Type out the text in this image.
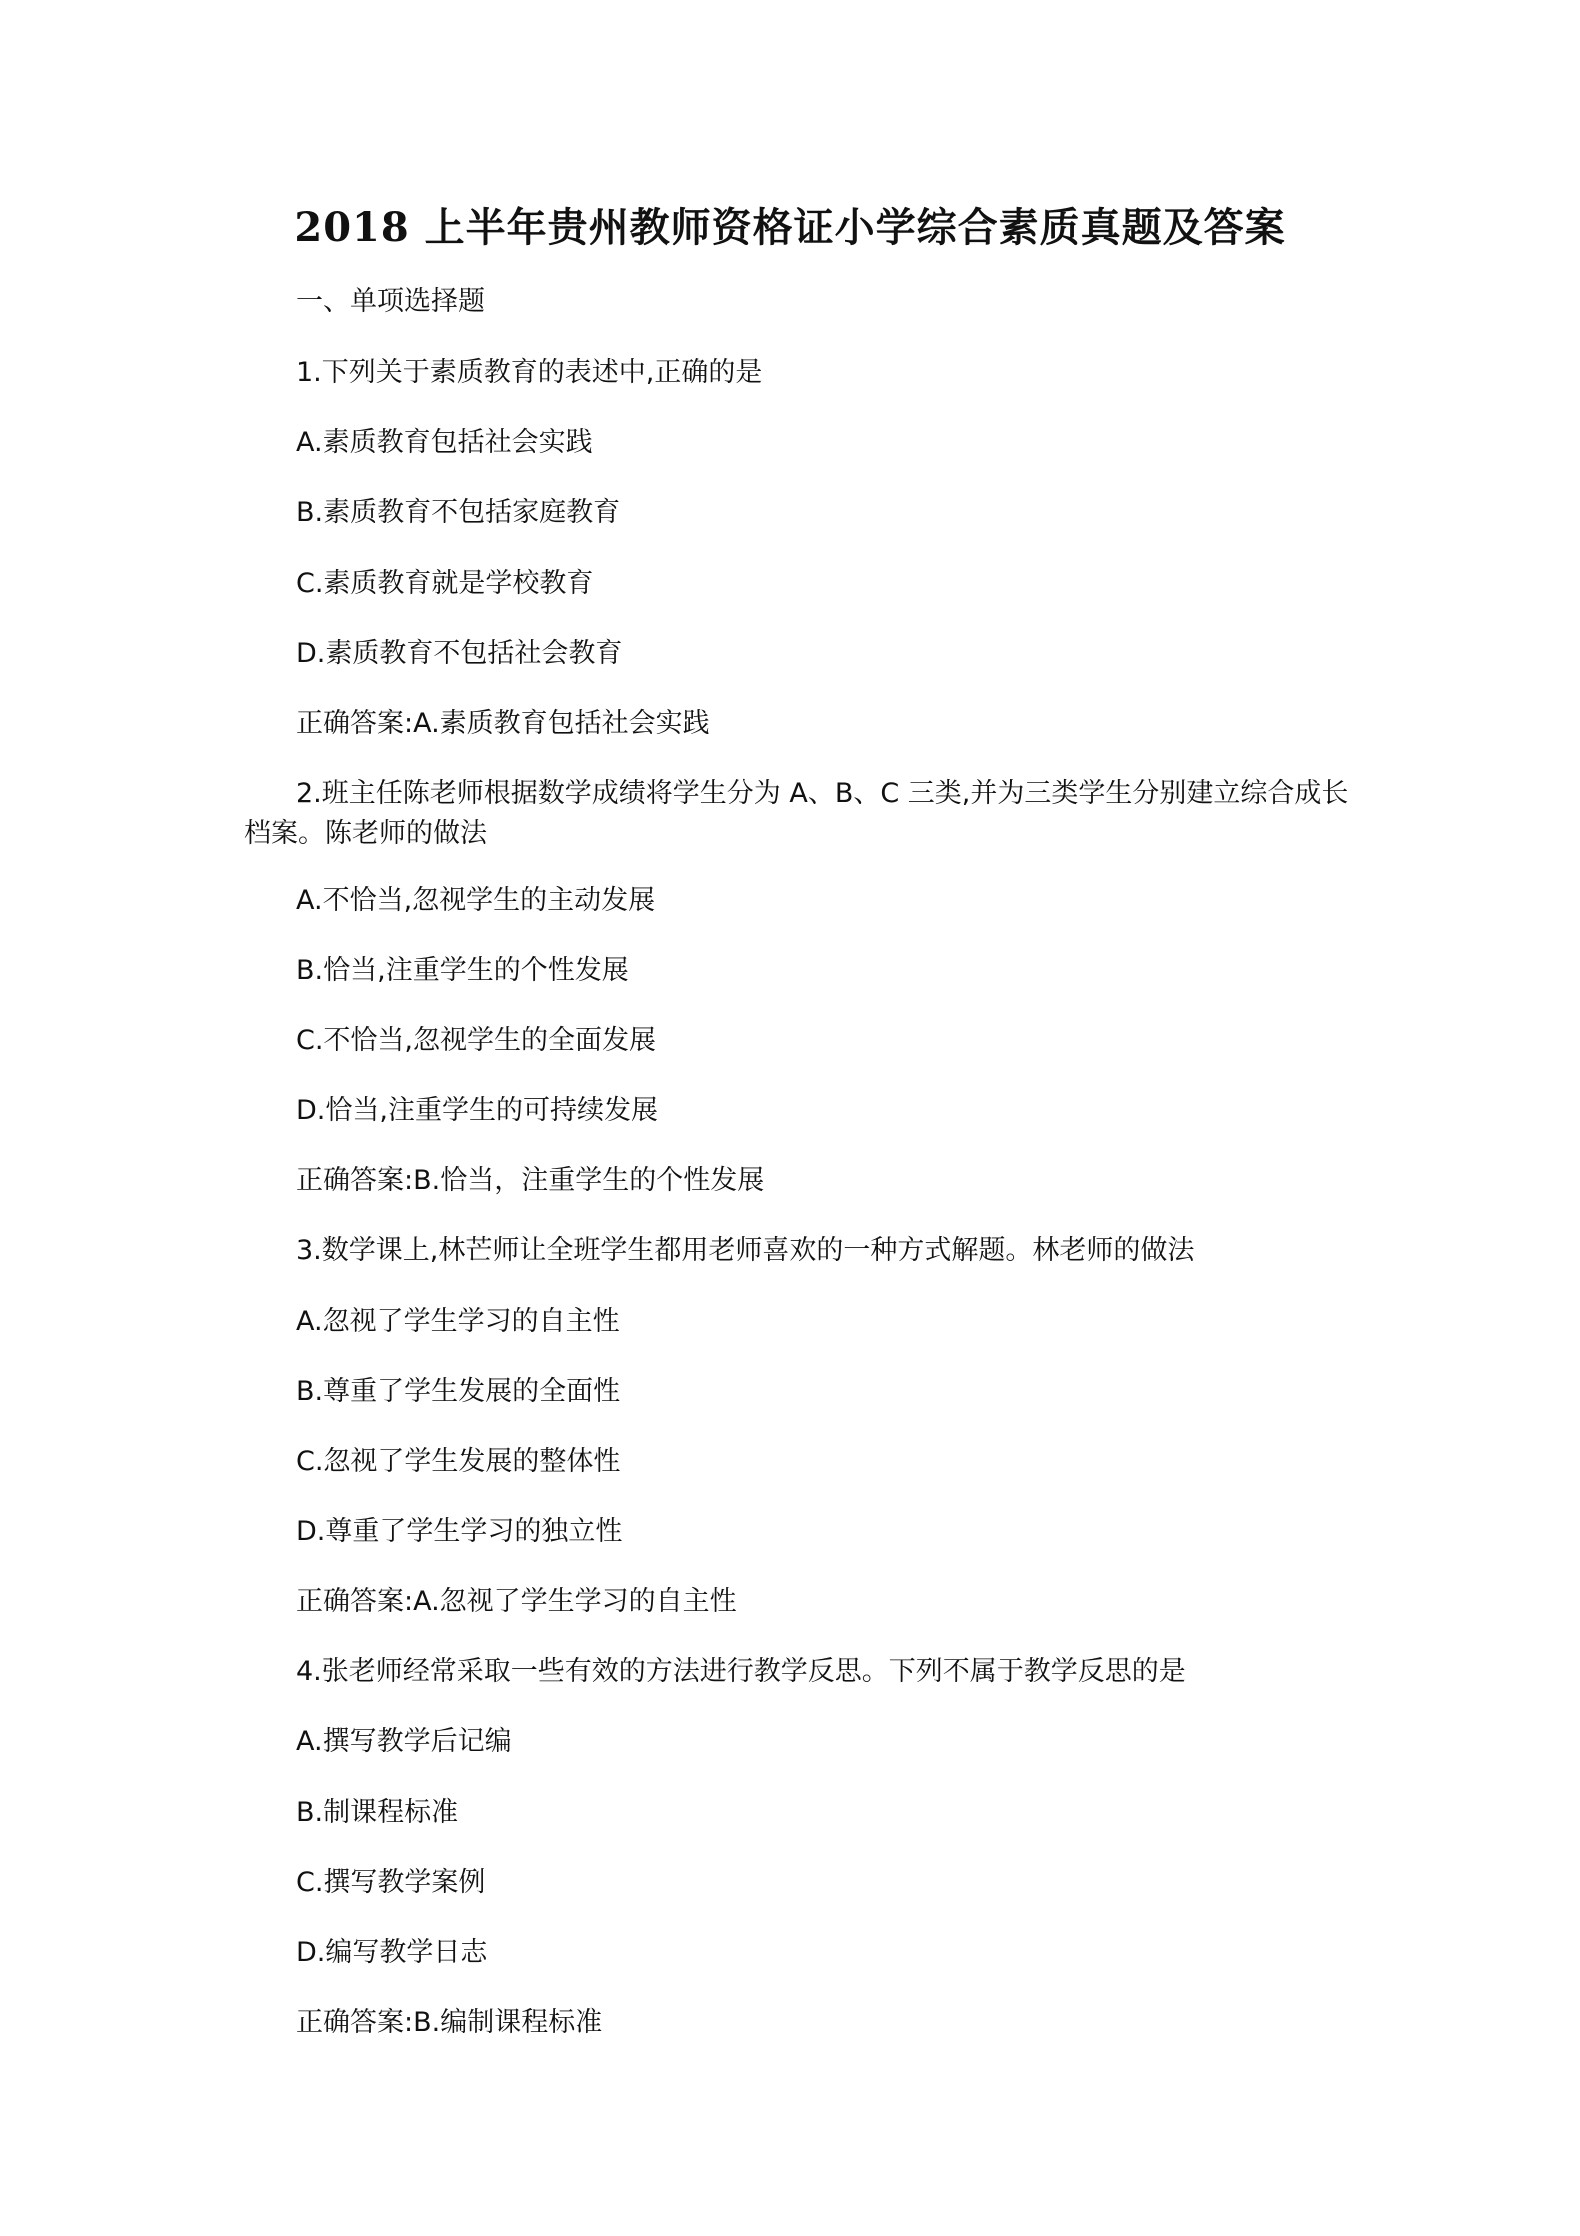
2018 上半年贵州教师资格证小学综合素质真题及答案
一、单项选择题
1.下列关于素质教育的表述中,正确的是
A.素质教育包括社会实践
B.素质教育不包括家庭教育
C.素质教育就是学校教育
D.素质教育不包括社会教育
正确答案:A.素质教育包括社会实践
2.班主任陈老师根据数学成绩将学生分为 A、B、C 三类,并为三类学生分别建立综合成长档案。陈老师的做法
A.不恰当,忽视学生的主动发展
B.恰当,注重学生的个性发展
C.不恰当,忽视学生的全面发展
D.恰当,注重学生的可持续发展
正确答案:B.恰当，注重学生的个性发展
3.数学课上,林芒师让全班学生都用老师喜欢的一种方式解题。林老师的做法
A.忽视了学生学习的自主性
B.尊重了学生发展的全面性
C.忽视了学生发展的整体性
D.尊重了学生学习的独立性
正确答案:A.忽视了学生学习的自主性
4.张老师经常采取一些有效的方法进行教学反思。下列不属于教学反思的是
A.撰写教学后记编
B.制课程标准
C.撰写教学案例
D.编写教学日志
正确答案:B.编制课程标准
